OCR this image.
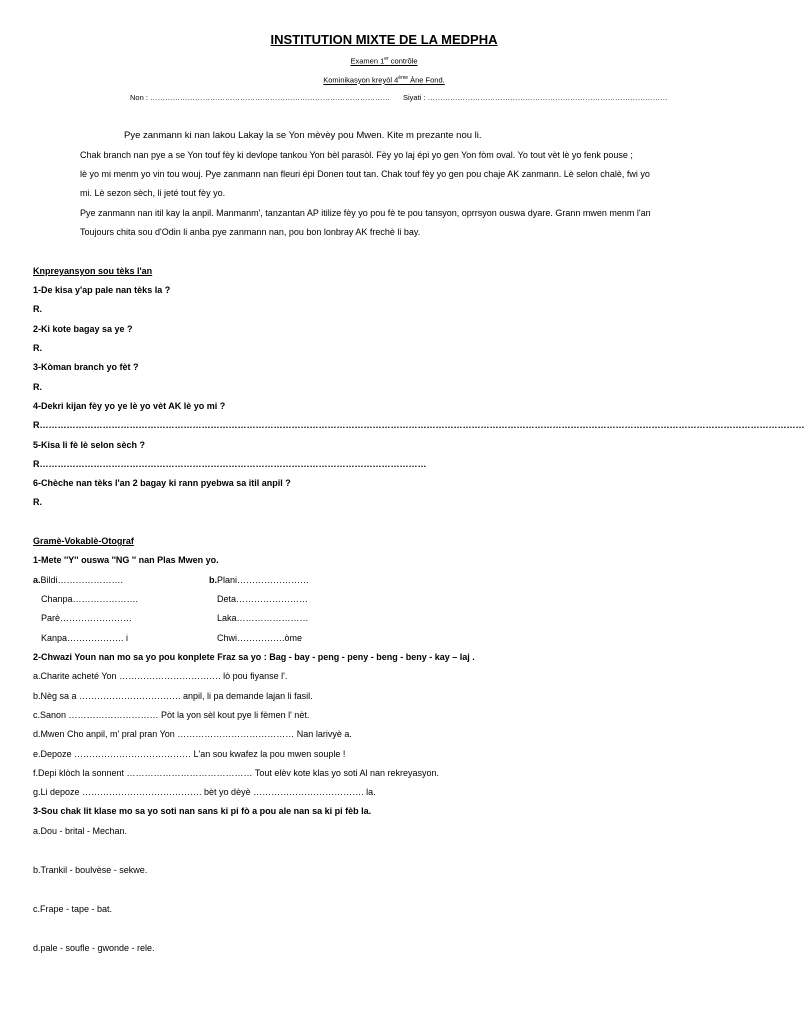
INSTITUTION MIXTE DE LA MEDPHA
Examen 1er contrôle
Kominikasyon kreyòl 4ème Àne Fond.
Non : …………………………………………………………………………………… Siyati : ……………………………………………………………………………………
Pye zanmann ki nan lakou Lakay la se Yon mèvèy pou Mwen. Kite m prezante nou li.
Chak branch nan pye a se Yon touf fèy ki devlope tankou Yon bèl parasòl. Fèy yo laj épi yo gen Yon fòm oval. Yo tout vèt lè yo fenk pouse ;
lè yo mi menm yo vin tou wouj. Pye zanmann nan fleuri épi Donen tout tan. Chak touf fèy yo gen pou chaje AK zanmann. Lè selon chalè, fwi yo
mi. Lè sezon sèch, li jeté tout fèy yo.
Pye zanmann nan itil kay la anpil. Manmanm', tanzantan AP itilize fèy yo pou fè te pou tansyon, oprrsyon ouswa dyare. Grann mwen menm l'an
Toujours chita sou d'Odin li anba pye zanmann nan, pou bon lonbray AK frechè li bay.
Knpreyansyon sou tèks l'an
1-De kisa y'ap pale nan tèks la ?
R.
2-Ki kote bagay sa ye ?
R.
3-Kòman branch yo fèt ?
R.
4-Dekri kijan fèy yo ye lè yo vèt AK lè yo mi ?
R…………………………………………………………………………………………………………………………………………………………………………………………………………………………………
5-Kisa li fè lè selon sèch ?
R…………………………………………………………………………………………………………………
6-Chèche nan tèks l'an 2 bagay ki rann pyebwa sa itil anpil ?
R.
Gramè-Vokablè-Otograf
1-Mete ''Y'' ouswa ''NG '' nan Plas Mwen yo.
a.Bildi………………….	b.Plani……………………
Chanpa………………….	Deta……………………
Parè……………………	Laka……………………
Kanpa………………. i	Chwi…………….òme
2-Chwazi Youn nan mo sa yo pou konplete Fraz sa yo : Bag - bay - peng - peny - beng - beny - kay – laj .
a.Charite acheté Yon ……………………………. lò pou fiyanse l'.
b.Nèg sa a ……………………………. anpil, li pa demande lajan li fasil.
c.Sanon ………………………… Pòt la yon sèl kout pye li fèmen l' nèt.
d.Mwen Cho anpil, m' pral pran Yon ………………………………… Nan larivyè a.
e.Depoze ………………………………… L'an sou kwafez la pou mwen souple !
f.Depi klòch la sonnent …………………………………… Tout elèv kote klas yo soti Al nan rekreyasyon.
g.Li depoze …………………………………. bèt yo dèyè ………………………………. la.
3-Sou chak lit klase mo sa yo soti nan sans ki pi fò a pou ale nan sa ki pi fèb la.
a.Dou - brital - Mechan.
b.Trankil - boulvèse - sekwe.
c.Frape - tape - bat.
d.pale - soufle - gwonde - rele.
